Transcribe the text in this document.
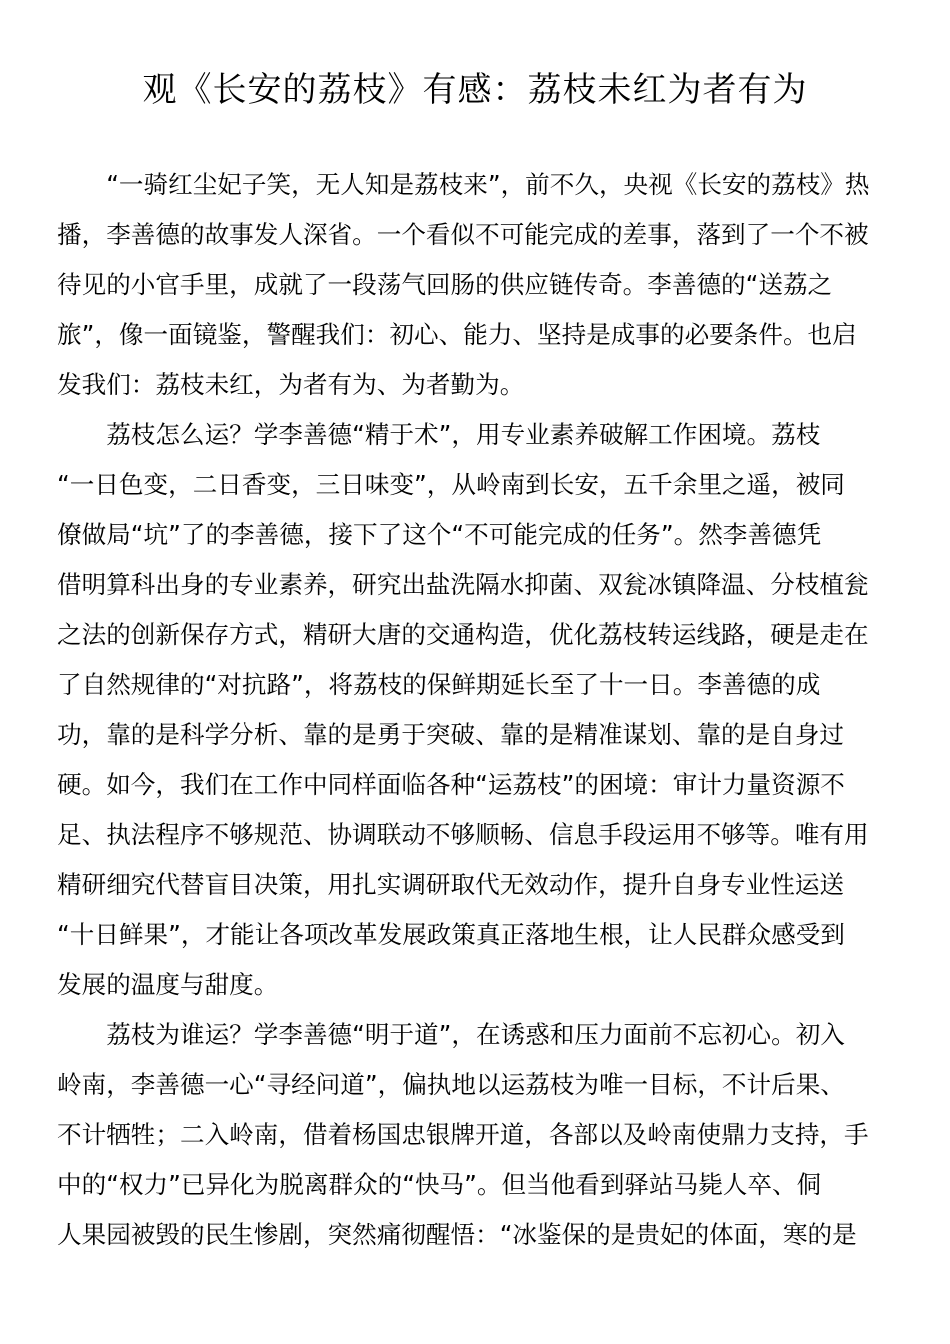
观《长安的荔枝》有感：荔枝未红为者有为
　　“一骑红尘妃子笑，无人知是荔枝来”，前不久，央视《长安的荔枝》热
播，李善德的故事发人深省。一个看似不可能完成的差事，落到了一个不被
待见的小官手里，成就了一段荡气回肠的供应链传奇。李善德的“送荔之
旅”，像一面镜鉴，警醒我们：初心、能力、坚持是成事的必要条件。也启
发我们：荔枝未红，为者有为、为者勤为。
　　荔枝怎么运？学李善德“精于术”，用专业素养破解工作困境。荔枝
“一日色变，二日香变，三日味变”，从岭南到长安，五千余里之遥，被同
僚做局“坑”了的李善德，接下了这个“不可能完成的任务”。然李善德凭
借明算科出身的专业素养，研究出盐洗隔水抑菌、双瓮冰镇降温、分枝植瓮
之法的创新保存方式，精研大唐的交通构造，优化荔枝转运线路，硬是走在
了自然规律的“对抗路”，将荔枝的保鲜期延长至了十一日。李善德的成
功，靠的是科学分析、靠的是勇于突破、靠的是精准谋划、靠的是自身过
硬。如今，我们在工作中同样面临各种“运荔枝”的困境：审计力量资源不
足、执法程序不够规范、协调联动不够顺畅、信息手段运用不够等。唯有用
精研细究代替盲目决策，用扎实调研取代无效动作，提升自身专业性运送
“十日鲜果”，才能让各项改革发展政策真正落地生根，让人民群众感受到
发展的温度与甜度。
　　荔枝为谁运？学李善德“明于道”，在诱惑和压力面前不忘初心。初入
岭南，李善德一心“寻经问道”，偏执地以运荔枝为唯一目标，不计后果、
不计牺牲；二入岭南，借着杨国忠银牌开道，各部以及岭南使鼎力支持，手
中的“权力”已异化为脱离群众的“快马”。但当他看到驿站马毙人卒、侗
人果园被毁的民生惨剧，突然痛彻醒悟：“冰鉴保的是贵妃的体面，寒的是
